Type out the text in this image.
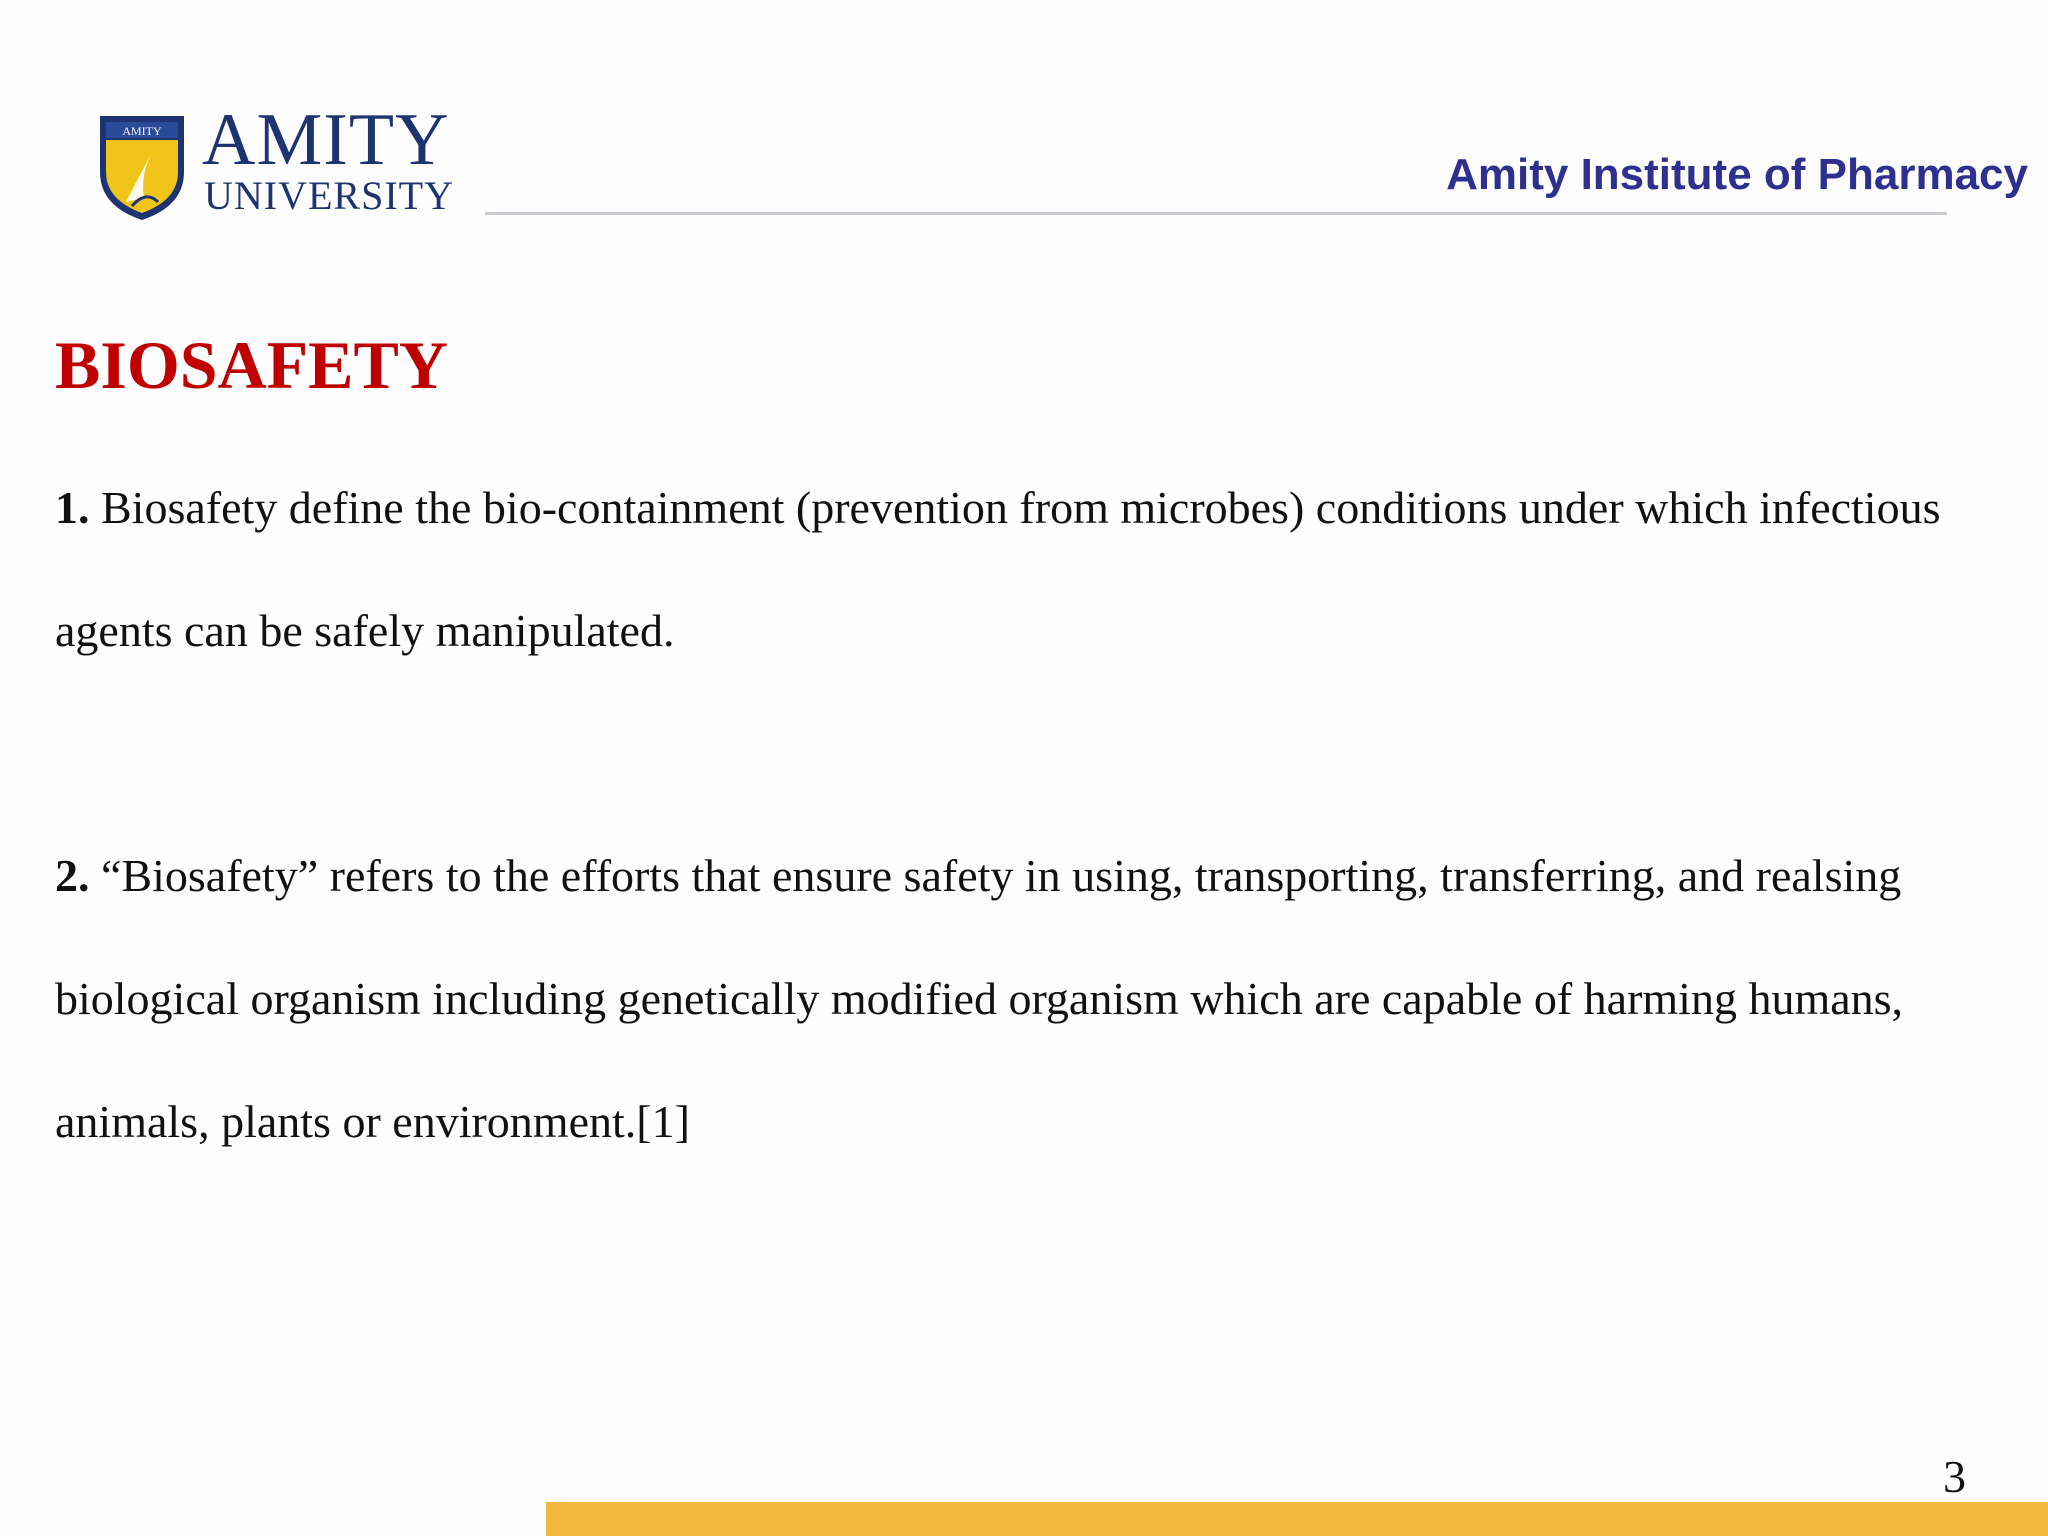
AMITY AMITY
UNIVERSITY	Amity Institute of Pharmacy
BIOSAFETY
1. Biosafety define the bio-containment (prevention from microbes) conditions under which infectious agents can be safely manipulated.
2. “Biosafety” refers to the efforts that ensure safety in using, transporting, transferring, and realsing biological organism including genetically modified organism which are capable of harming humans, animals, plants or environment.[1]
3
